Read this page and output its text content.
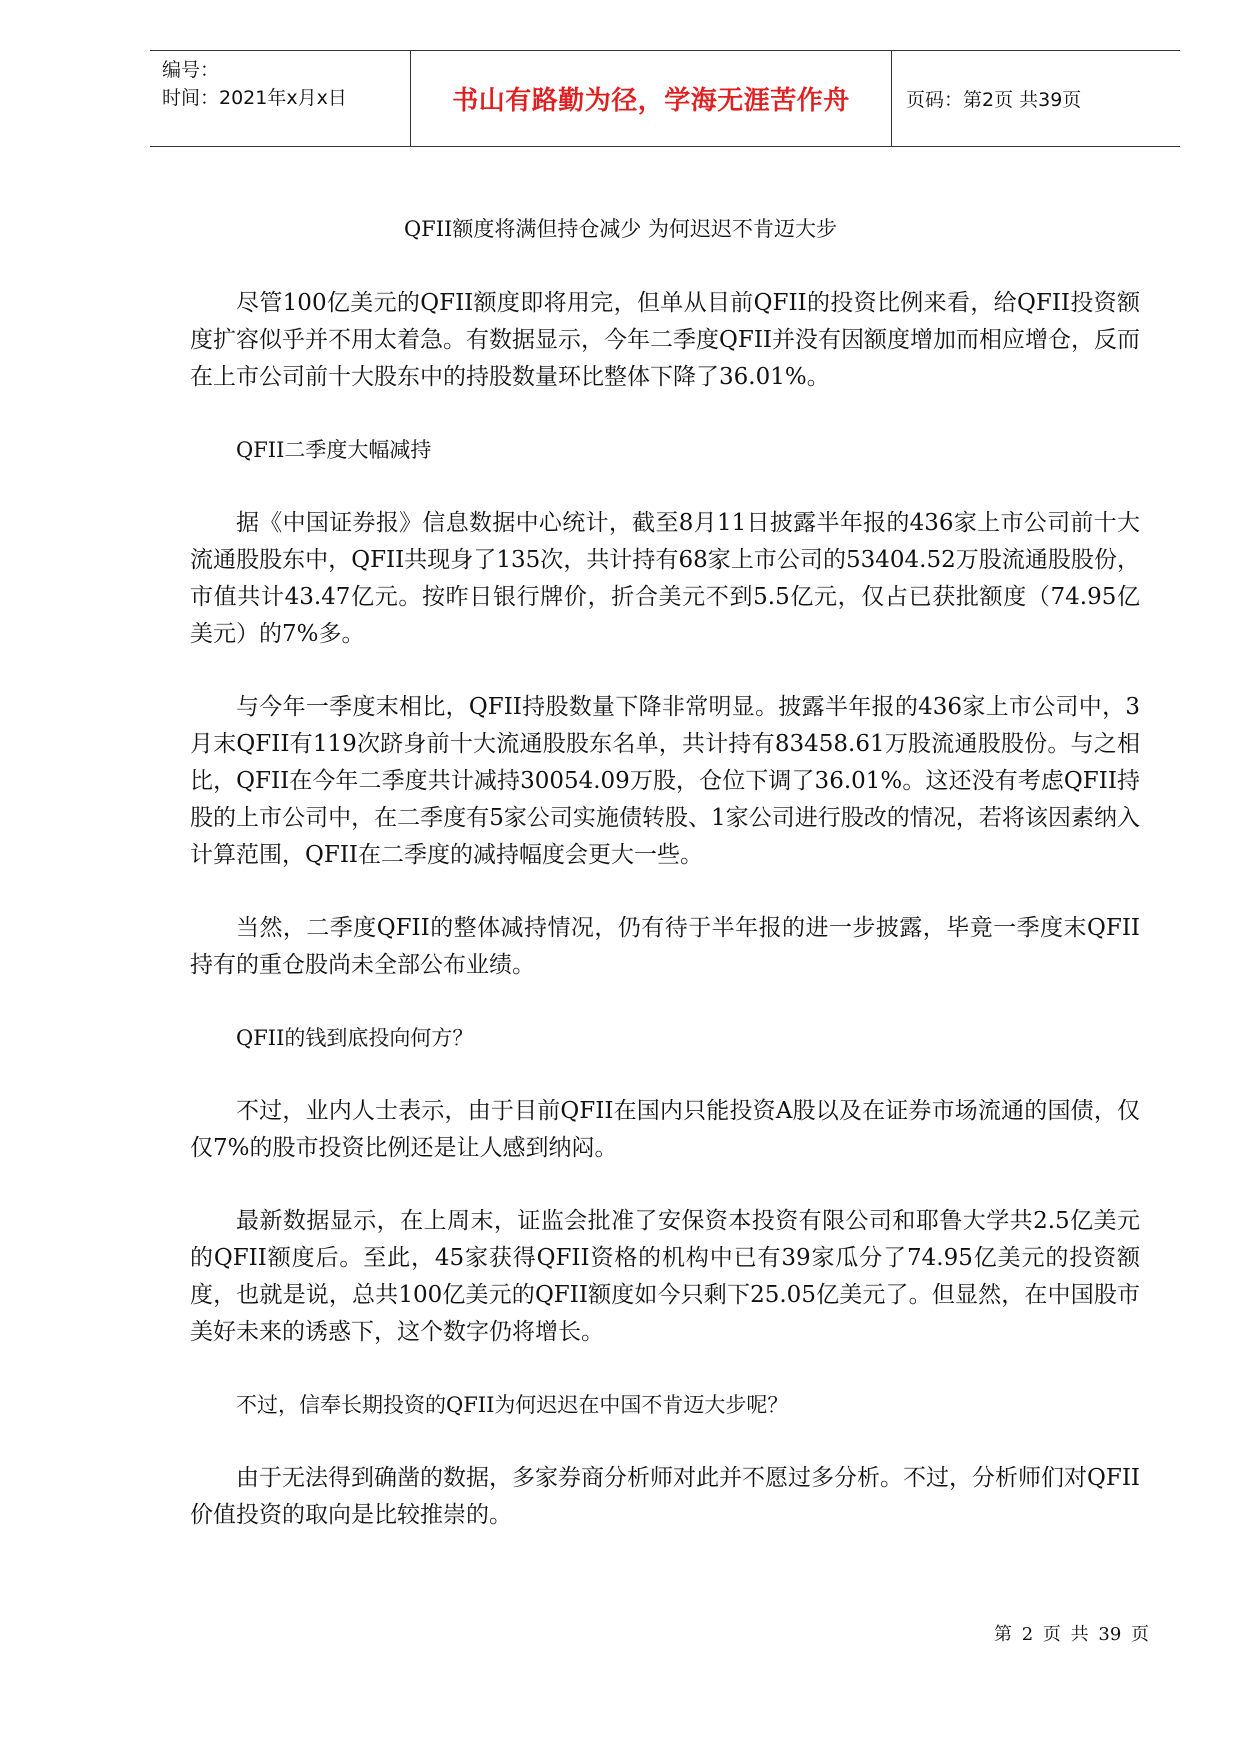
编号：
时间：2021年x月x日	书山有路勤为径，学海无涯苦作舟	页码：第2页 共39页
QFII额度将满但持仓减少 为何迟迟不肯迈大步

尽管100亿美元的QFII额度即将用完，但单从目前QFII的投资比例来看，给QFII投资额度扩容似乎并不用太着急。有数据显示，今年二季度QFII并没有因额度增加而相应增仓，反而在上市公司前十大股东中的持股数量环比整体下降了36.01%。

QFII二季度大幅减持

据《中国证券报》信息数据中心统计，截至8月11日披露半年报的436家上市公司前十大流通股股东中，QFII共现身了135次，共计持有68家上市公司的53404.52万股流通股股份，市值共计43.47亿元。按昨日银行牌价，折合美元不到5.5亿元，仅占已获批额度（74.95亿美元）的7%多。

与今年一季度末相比，QFII持股数量下降非常明显。披露半年报的436家上市公司中，3月末QFII有119次跻身前十大流通股股东名单，共计持有83458.61万股流通股股份。与之相比，QFII在今年二季度共计减持30054.09万股，仓位下调了36.01%。这还没有考虑QFII持股的上市公司中，在二季度有5家公司实施债转股、1家公司进行股改的情况，若将该因素纳入计算范围，QFII在二季度的减持幅度会更大一些。

当然，二季度QFII的整体减持情况，仍有待于半年报的进一步披露，毕竟一季度末QFII持有的重仓股尚未全部公布业绩。

QFII的钱到底投向何方？

不过，业内人士表示，由于目前QFII在国内只能投资A股以及在证券市场流通的国债，仅仅7%的股市投资比例还是让人感到纳闷。

最新数据显示，在上周末，证监会批准了安保资本投资有限公司和耶鲁大学共2.5亿美元的QFII额度后。至此，45家获得QFII资格的机构中已有39家瓜分了74.95亿美元的投资额度，也就是说，总共100亿美元的QFII额度如今只剩下25.05亿美元了。但显然，在中国股市美好未来的诱惑下，这个数字仍将增长。

不过，信奉长期投资的QFII为何迟迟在中国不肯迈大步呢？

由于无法得到确凿的数据，多家券商分析师对此并不愿过多分析。不过，分析师们对QFII价值投资的取向是比较推崇的。

第 2 页 共 39 页
